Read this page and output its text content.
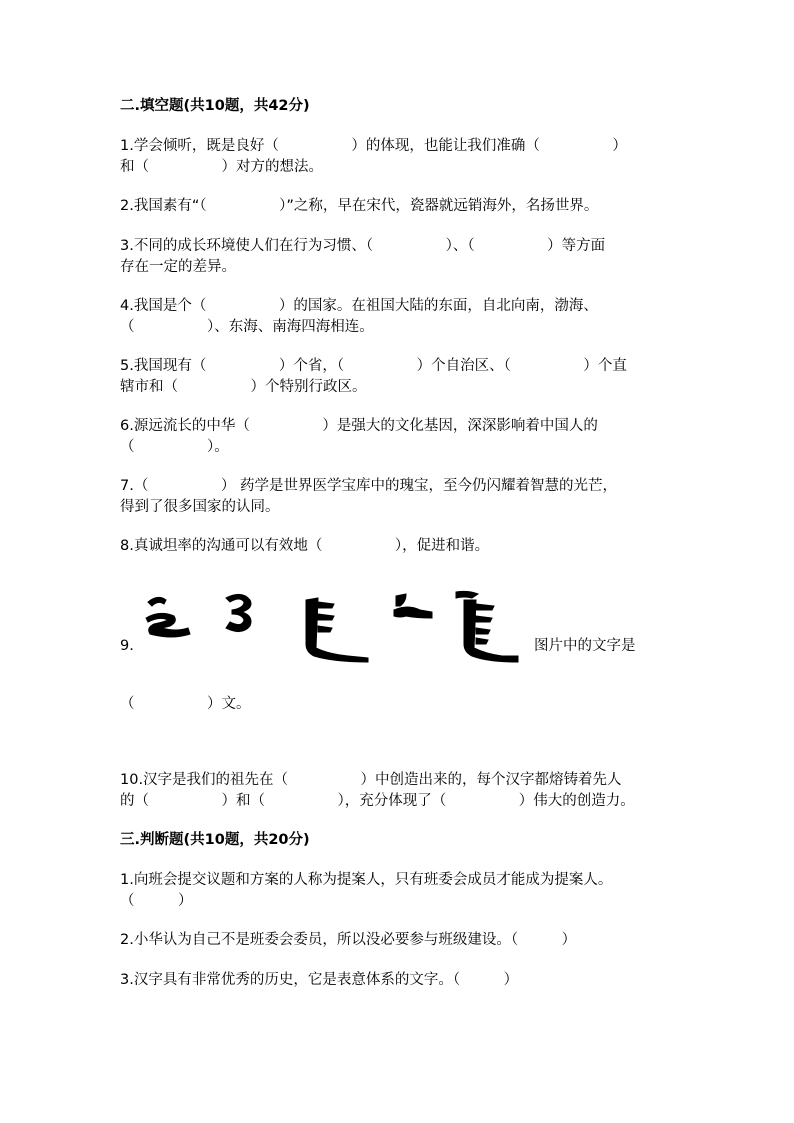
二.填空题(共10题，共42分)
1.学会倾听，既是良好（　　　　　）的体现，也能让我们准确（　　　　　）
和（　　　　　）对方的想法。
2.我国素有“（　　　　　）”之称，早在宋代，瓷器就远销海外，名扬世界。
3.不同的成长环境使人们在行为习惯、（　　　　　）、（　　　　　）等方面
存在一定的差异。
4.我国是个（　　　　　）的国家。在祖国大陆的东面，自北向南，渤海、
（　　　　　）、东海、南海四海相连。
5.我国现有（　　　　　）个省，（　　　　　）个自治区、（　　　　　）个直
辖市和（　　　　　）个特别行政区。
6.源远流长的中华（　　　　　）是强大的文化基因，深深影响着中国人的
（　　　　　）。
7.（　　　　　） 药学是世界医学宝库中的瑰宝，至今仍闪耀着智慧的光芒，
得到了很多国家的认同。
8.真诚坦率的沟通可以有效地（　　　　　），促进和谐。
9.	图片中的文字是
（　　　　　）文。
10.汉字是我们的祖先在（　　　　　）中创造出来的，每个汉字都熔铸着先人
的（　　　　　）和（　　　　　），充分体现了（　　　　　）伟大的创造力。
三.判断题(共10题，共20分)
1.向班会提交议题和方案的人称为提案人，只有班委会成员才能成为提案人。
（　　　）
2.小华认为自己不是班委会委员，所以没必要参与班级建设。（　　　）
3.汉字具有非常优秀的历史，它是表意体系的文字。（　　　）
